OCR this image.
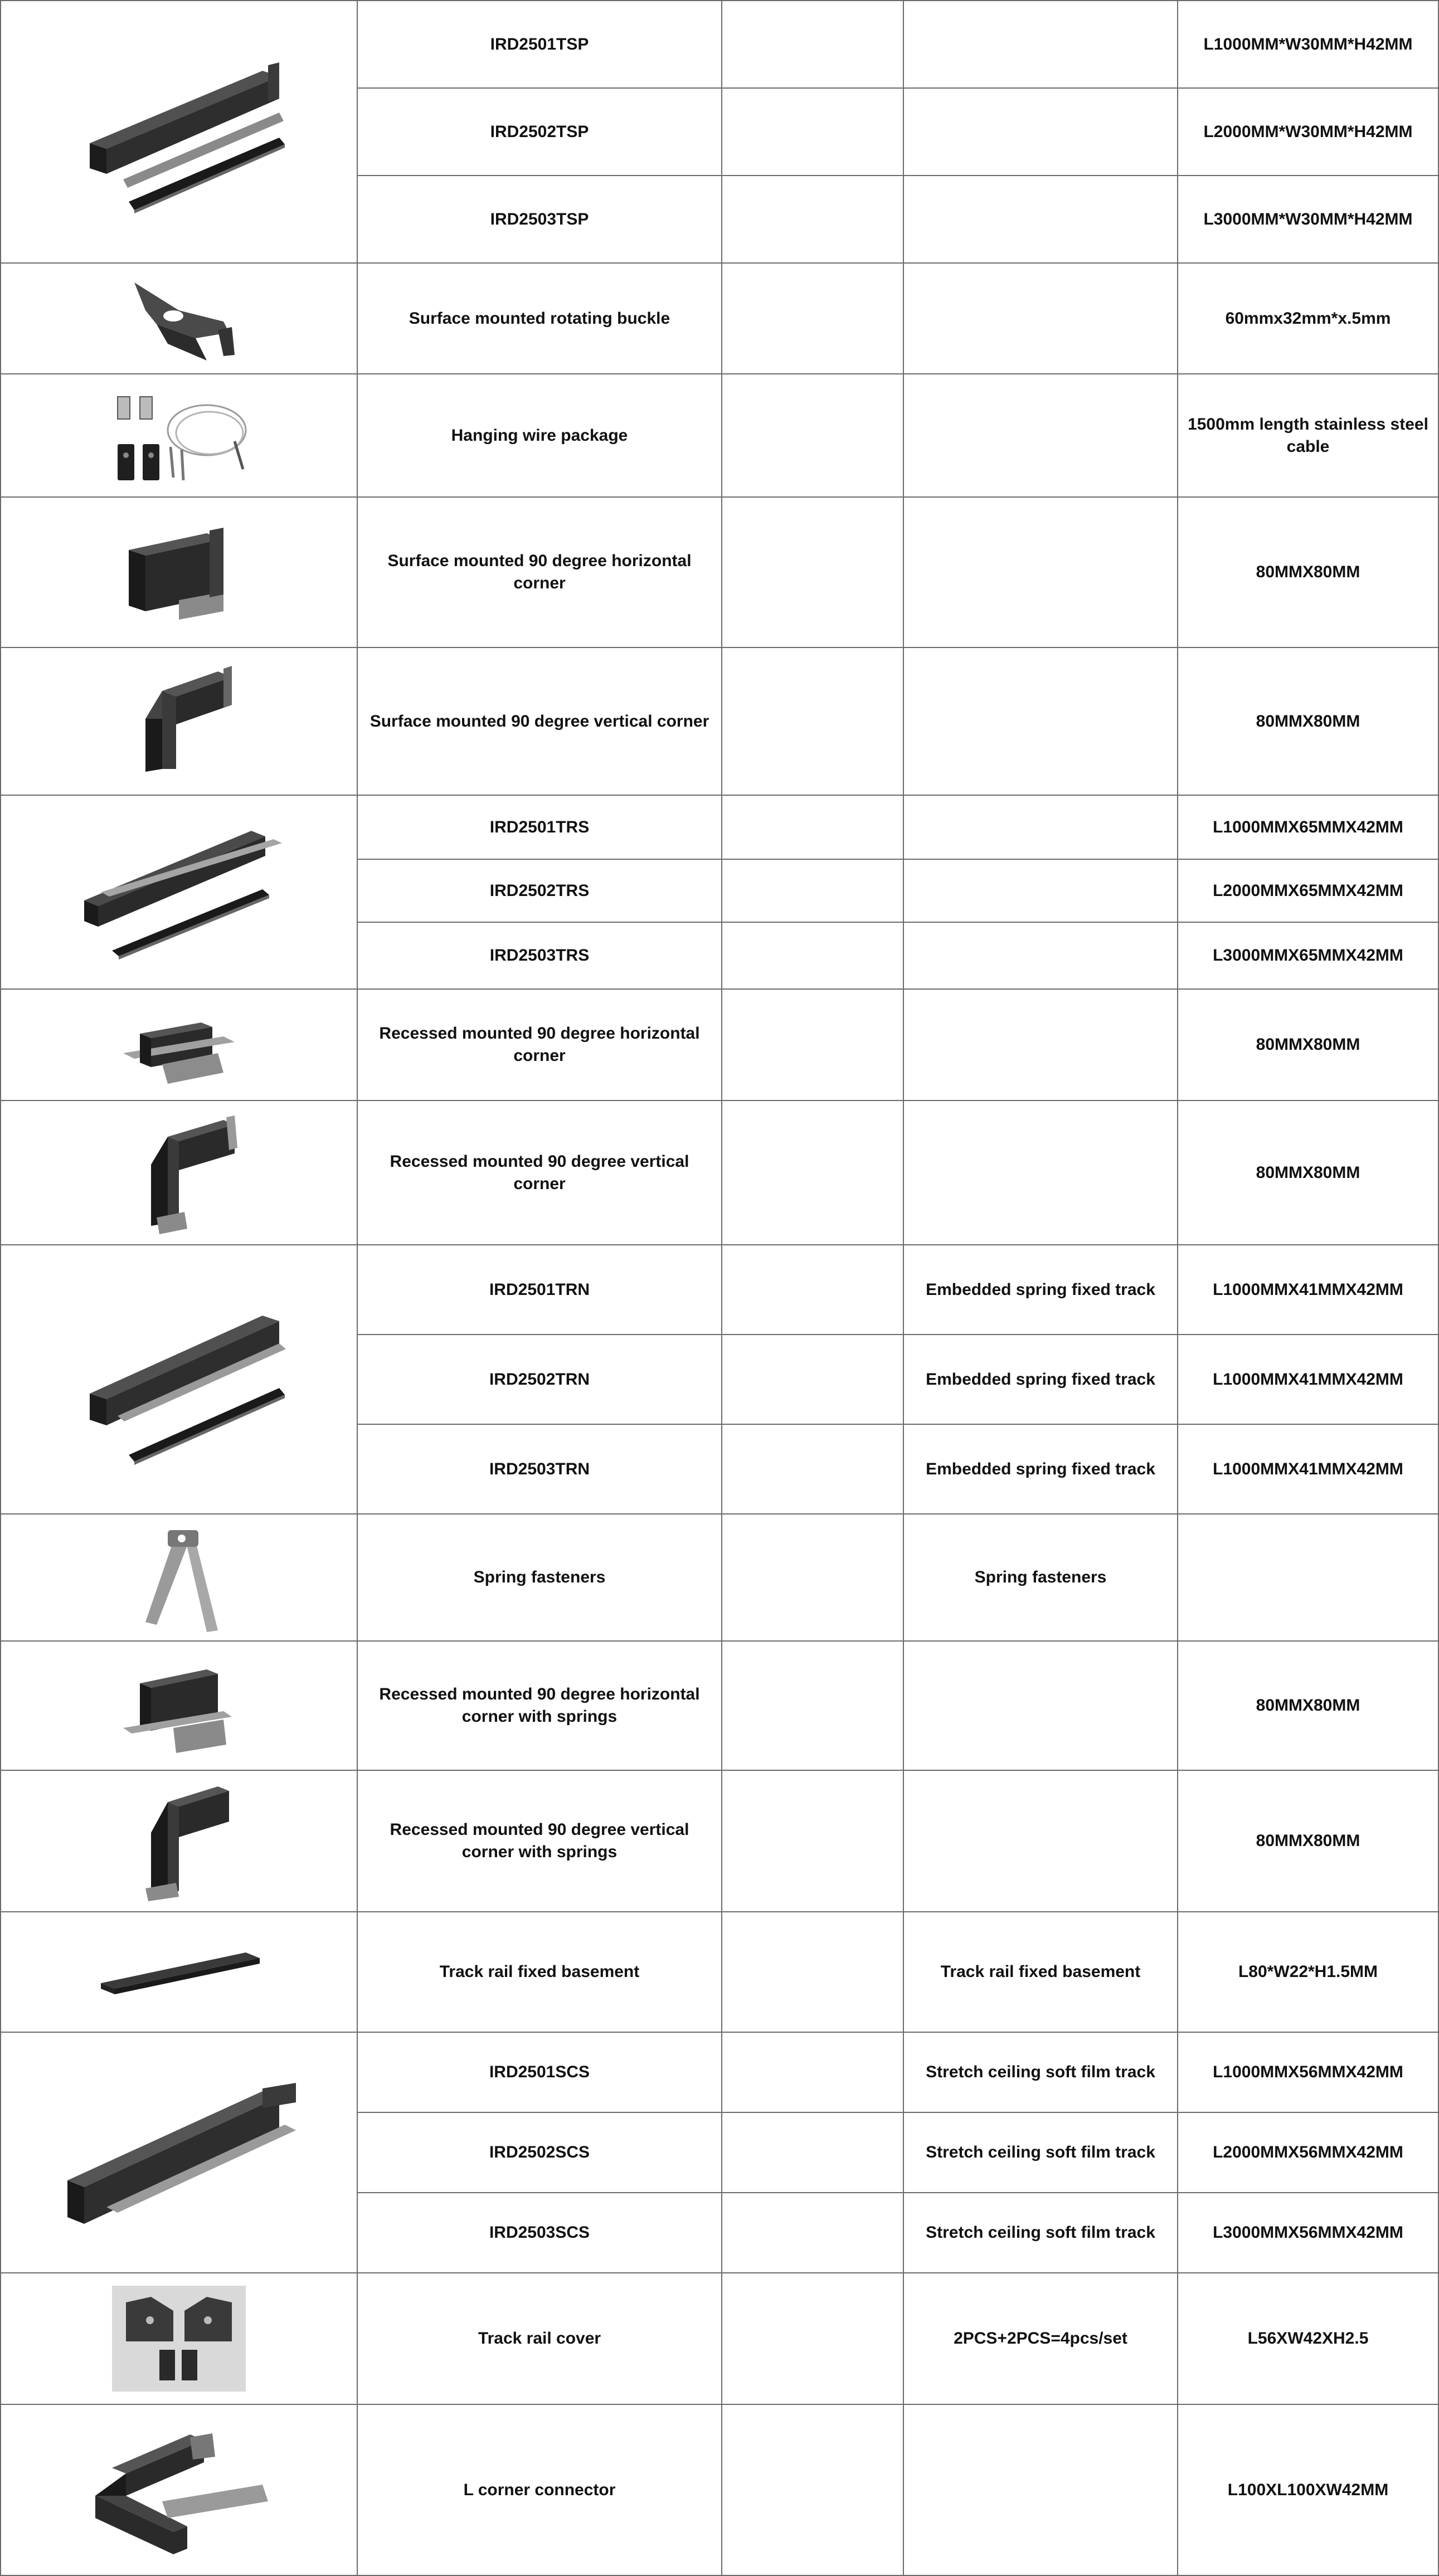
	IRD2501TSP			L1000MM*W30MM*H42MM
	IRD2502TSP			L2000MM*W30MM*H42MM
	IRD2503TSP			L3000MM*W30MM*H42MM

	Surface mounted rotating buckle			60mmx32mm*x.5mm

	Hanging wire package			1500mm length stainless steel cable

	Surface mounted 90 degree horizontal corner			80MMX80MM

	Surface mounted 90 degree vertical corner			80MMX80MM

	IRD2501TRS			L1000MMX65MMX42MM
	IRD2502TRS			L2000MMX65MMX42MM
	IRD2503TRS			L3000MMX65MMX42MM

	Recessed mounted 90 degree horizontal corner			80MMX80MM

	Recessed mounted 90 degree vertical corner			80MMX80MM

	IRD2501TRN		Embedded spring fixed track	L1000MMX41MMX42MM
	IRD2502TRN		Embedded spring fixed track	L1000MMX41MMX42MM
	IRD2503TRN		Embedded spring fixed track	L1000MMX41MMX42MM

	Spring fasteners		Spring fasteners	

	Recessed mounted 90 degree horizontal corner with springs			80MMX80MM

	Recessed mounted 90 degree vertical corner with springs			80MMX80MM

	Track rail fixed basement		Track rail fixed basement	L80*W22*H1.5MM

	IRD2501SCS		Stretch ceiling soft film track	L1000MMX56MMX42MM
	IRD2502SCS		Stretch ceiling soft film track	L2000MMX56MMX42MM
	IRD2503SCS		Stretch ceiling soft film track	L3000MMX56MMX42MM

	Track rail cover		2PCS+2PCS=4pcs/set	L56XW42XH2.5

	L corner connector			L100XL100XW42MM
